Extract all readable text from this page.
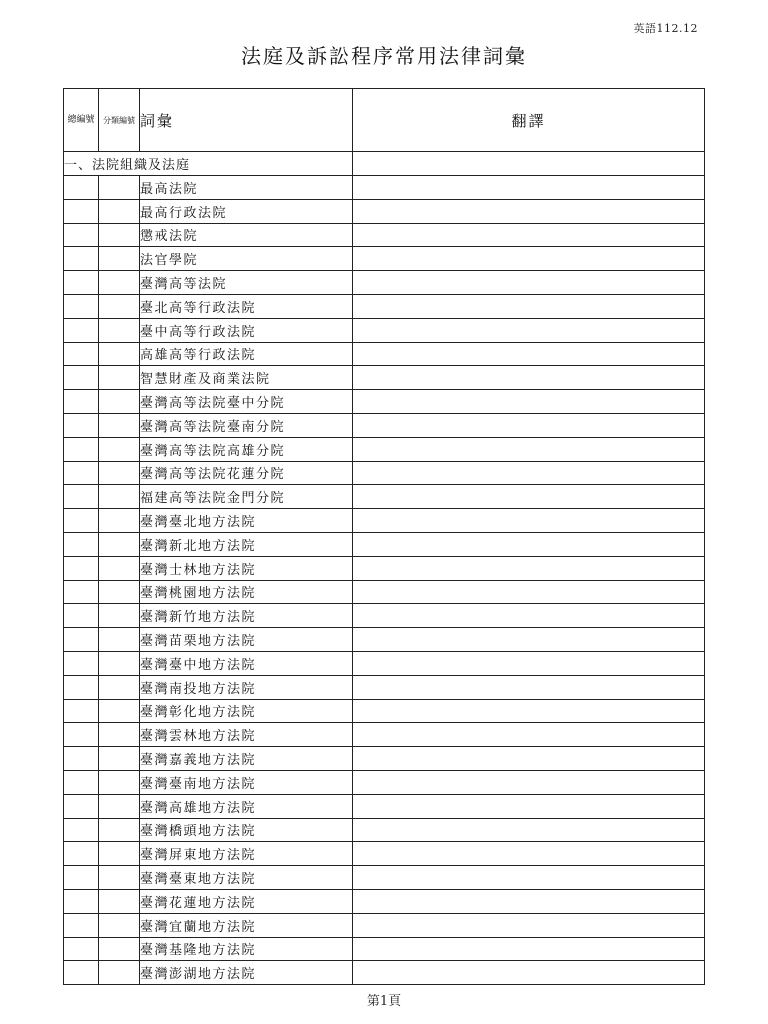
英語112.12
法庭及訴訟程序常用法律詞彙
總編號	分類編號	詞彙	翻譯
一、法院組織及法庭			
		最高法院	
		最高行政法院	
		懲戒法院	
		法官學院	
		臺灣高等法院	
		臺北高等行政法院	
		臺中高等行政法院	
		高雄高等行政法院	
		智慧財產及商業法院	
		臺灣高等法院臺中分院	
		臺灣高等法院臺南分院	
		臺灣高等法院高雄分院	
		臺灣高等法院花蓮分院	
		福建高等法院金門分院	
		臺灣臺北地方法院	
		臺灣新北地方法院	
		臺灣士林地方法院	
		臺灣桃園地方法院	
		臺灣新竹地方法院	
		臺灣苗栗地方法院	
		臺灣臺中地方法院	
		臺灣南投地方法院	
		臺灣彰化地方法院	
		臺灣雲林地方法院	
		臺灣嘉義地方法院	
		臺灣臺南地方法院	
		臺灣高雄地方法院	
		臺灣橋頭地方法院	
		臺灣屏東地方法院	
		臺灣臺東地方法院	
		臺灣花蓮地方法院	
		臺灣宜蘭地方法院	
		臺灣基隆地方法院	
		臺灣澎湖地方法院	
第1頁
